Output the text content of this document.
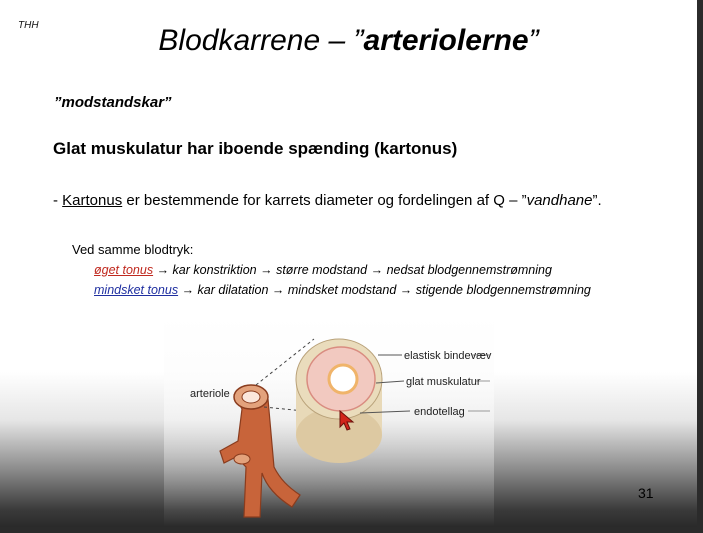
THH	Blodkarrene – ”arteriolerne”
”modstandskar”
Glat muskulatur har iboende spænding (kartonus)
- Kartonus er bestemmende for karrets diameter og fordelingen af Q – ”vandhane”.
Ved samme blodtryk:
øget tonus → kar konstriktion → større modstand → nedsat blodgennemstrømning
mindsket tonus → kar dilatation → mindsket modstand → stigende blodgennemstrømning
arteriole
elastisk bindevæv
glat muskulatur
endotellag
31
